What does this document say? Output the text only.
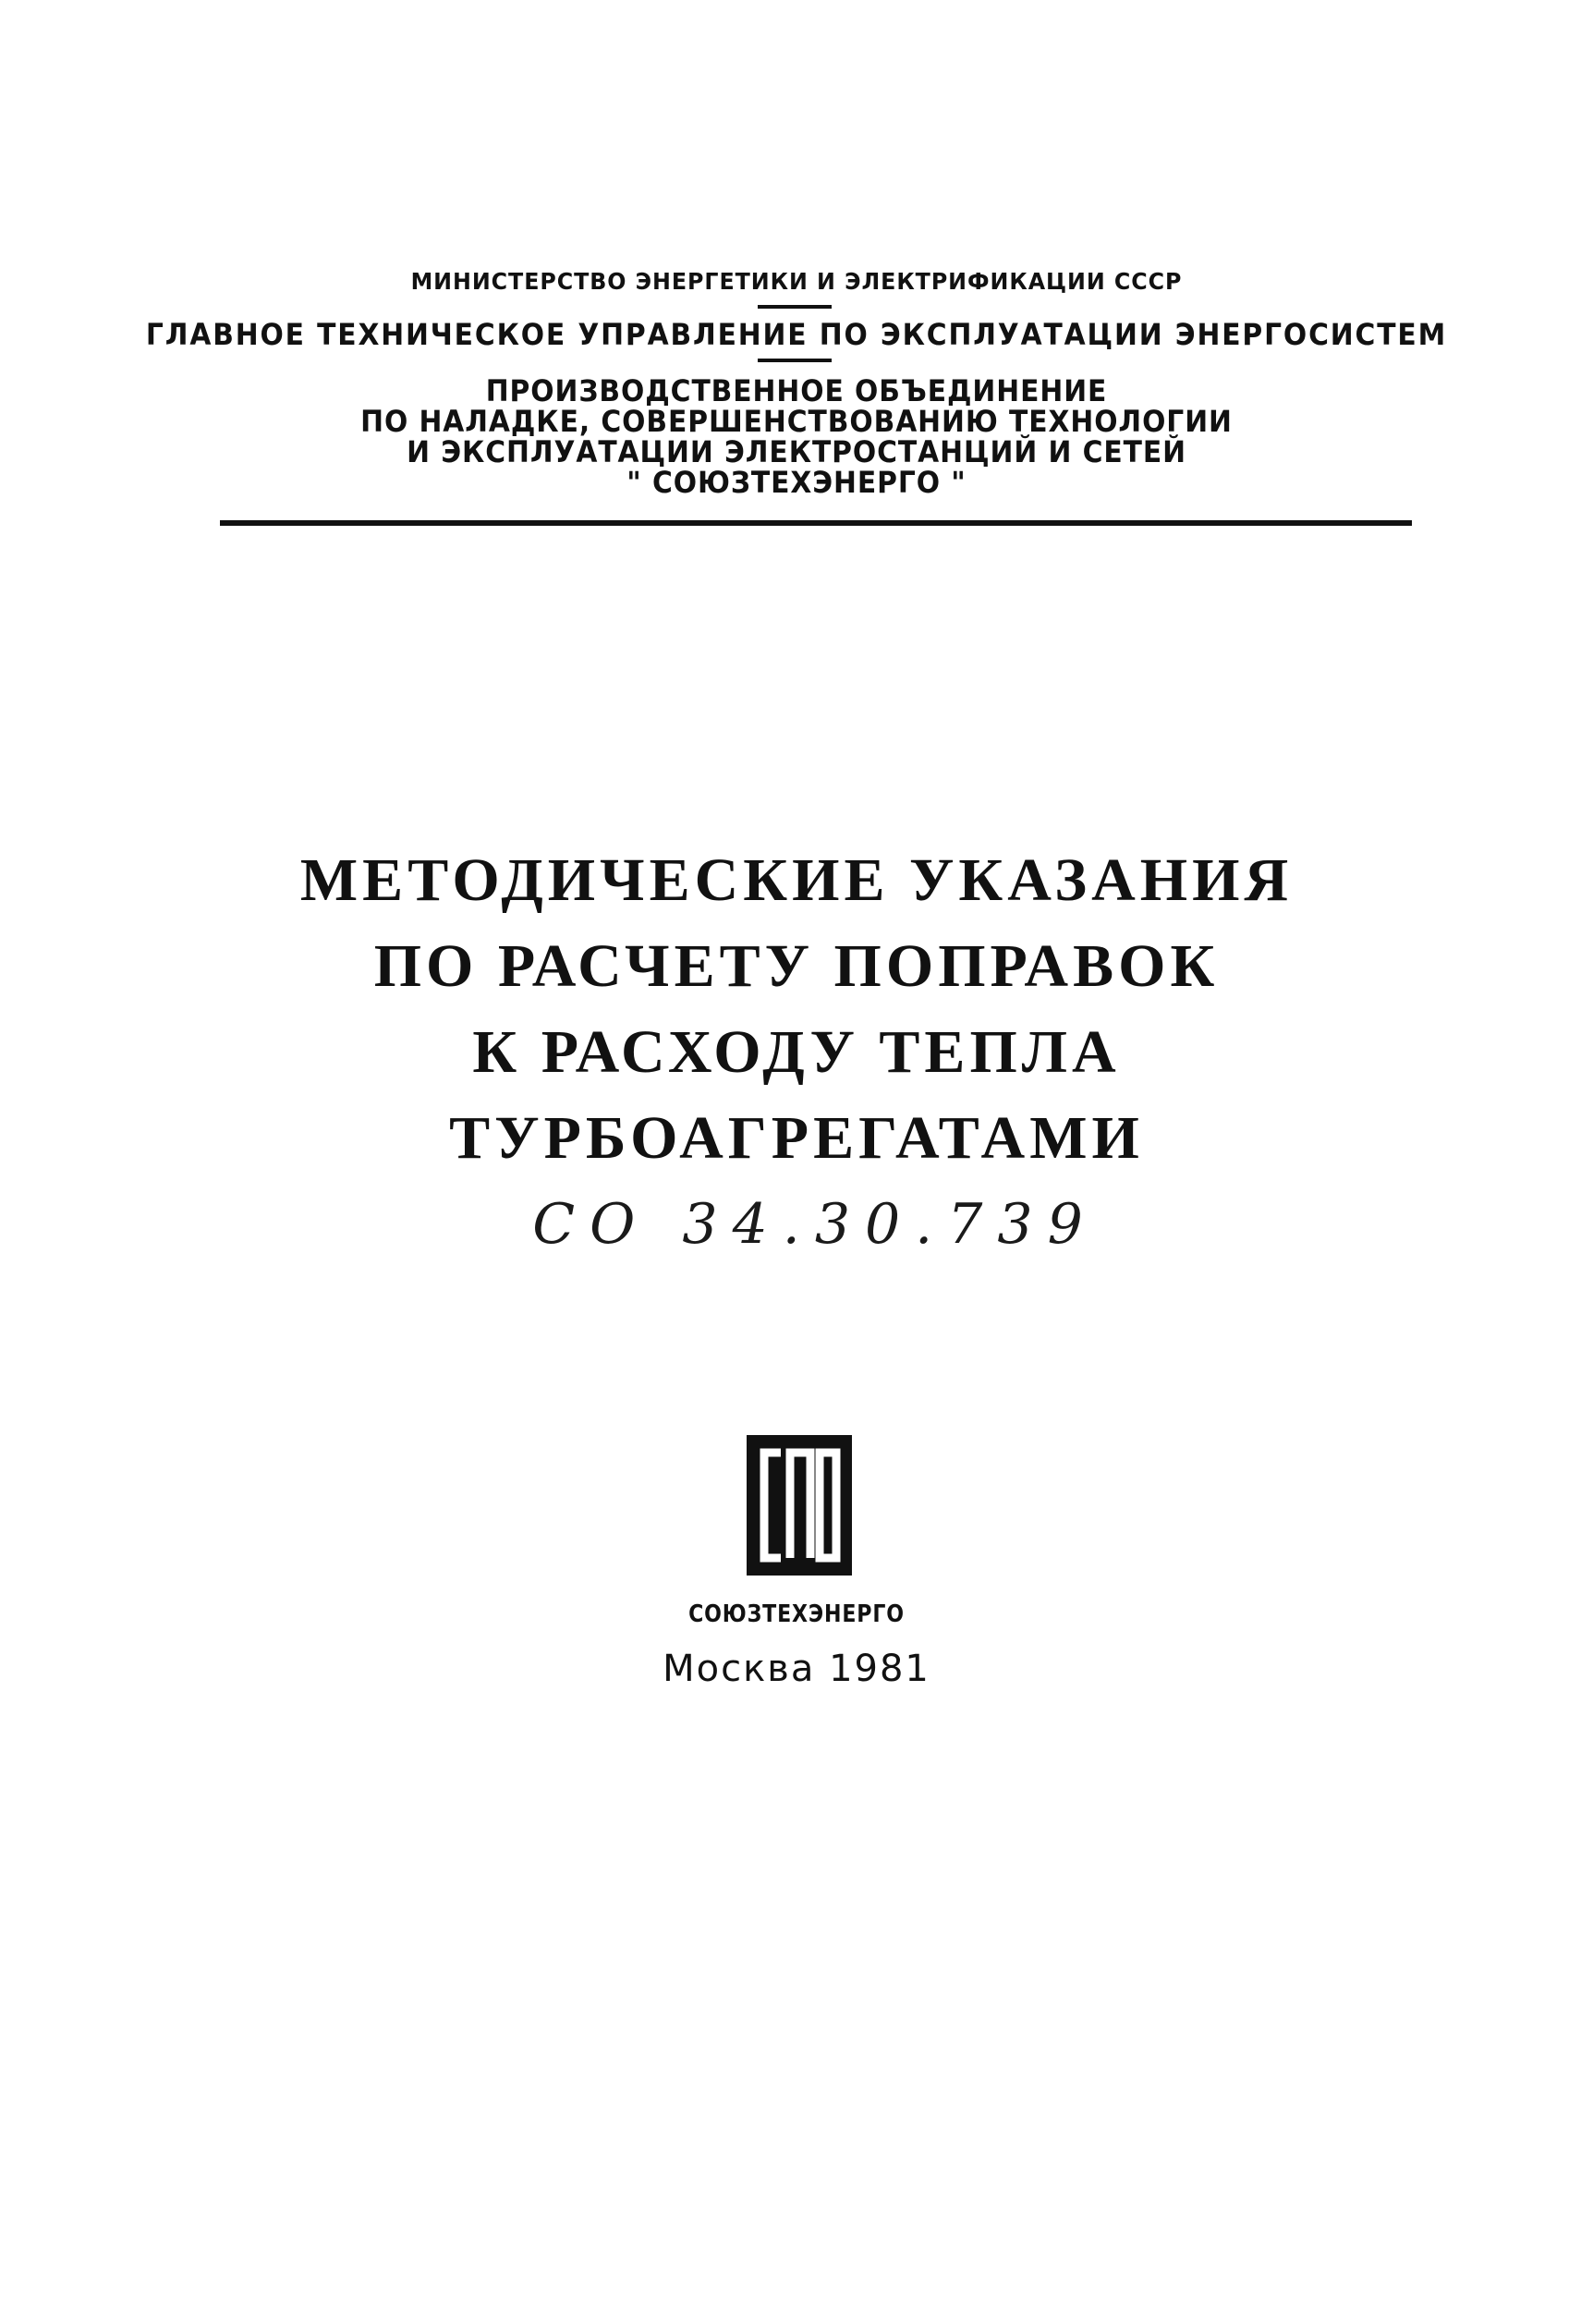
МИНИСТЕРСТВО ЭНЕРГЕТИКИ И ЭЛЕКТРИФИКАЦИИ СССР
ГЛАВНОЕ ТЕХНИЧЕСКОЕ УПРАВЛЕНИЕ ПО ЭКСПЛУАТАЦИИ ЭНЕРГОСИСТЕМ
ПРОИЗВОДСТВЕННОЕ ОБЪЕДИНЕНИЕ
ПО НАЛАДКЕ, СОВЕРШЕНСТВОВАНИЮ ТЕХНОЛОГИИ
И ЭКСПЛУАТАЦИИ ЭЛЕКТРОСТАНЦИЙ И СЕТЕЙ
" СОЮЗТЕХЭНЕРГО "
МЕТОДИЧЕСКИЕ УКАЗАНИЯ
ПО РАСЧЕТУ ПОПРАВОК
К РАСХОДУ ТЕПЛА
ТУРБОАГРЕГАТАМИ
СО 34.30.739
СОЮЗТЕХЭНЕРГО
Москва 1981
